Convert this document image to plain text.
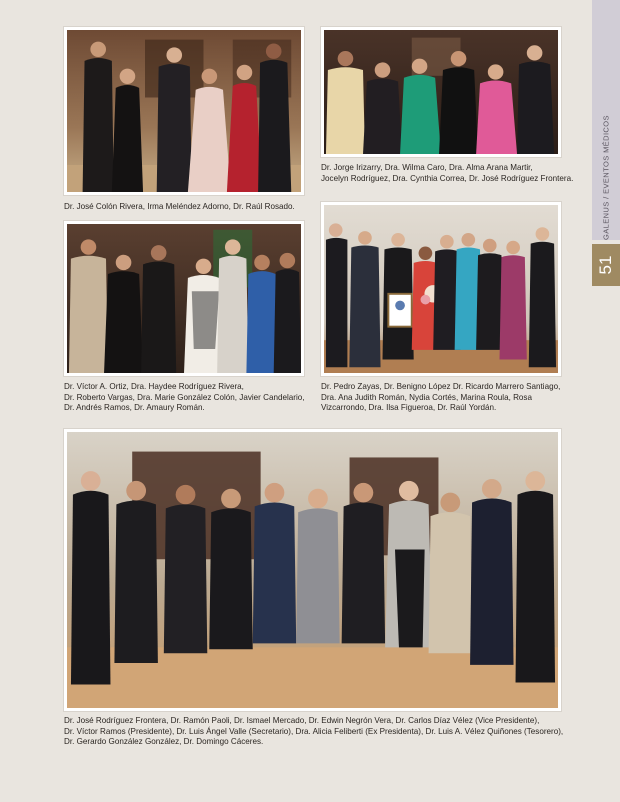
GALENUS / EVENTOS MÉDICOS
51
Dr. José Colón Rivera, Irma Meléndez Adorno, Dr. Raúl Rosado.
Dr. Jorge Irizarry, Dra. Wilma Caro, Dra. Alma Arana Martir,
Jocelyn Rodríguez, Dra. Cynthia Correa, Dr. José Rodríguez Frontera.
Dr. Víctor A. Ortiz, Dra. Haydee Rodríguez Rivera,
Dr. Roberto Vargas, Dra. Marie González Colón, Javier Candelario,
Dr. Andrés Ramos, Dr. Amaury Román.
Dr. Pedro Zayas, Dr. Benigno López Dr. Ricardo Marrero Santiago,
Dra. Ana Judith Román, Nydia Cortés, Marina Roula, Rosa
Vizcarrondo, Dra. Ilsa Figueroa, Dr. Raúl Yordán.
Dr. José Rodríguez Frontera, Dr. Ramón Paoli, Dr. Ismael Mercado, Dr. Edwin Negrón Vera, Dr. Carlos Díaz Vélez (Vice Presidente),
Dr. Víctor Ramos (Presidente), Dr. Luis Ángel Valle (Secretario), Dra. Alicia Feliberti (Ex Presidenta), Dr. Luis A. Vélez Quiñones (Tesorero),
Dr. Gerardo González González, Dr. Domingo Cáceres.
